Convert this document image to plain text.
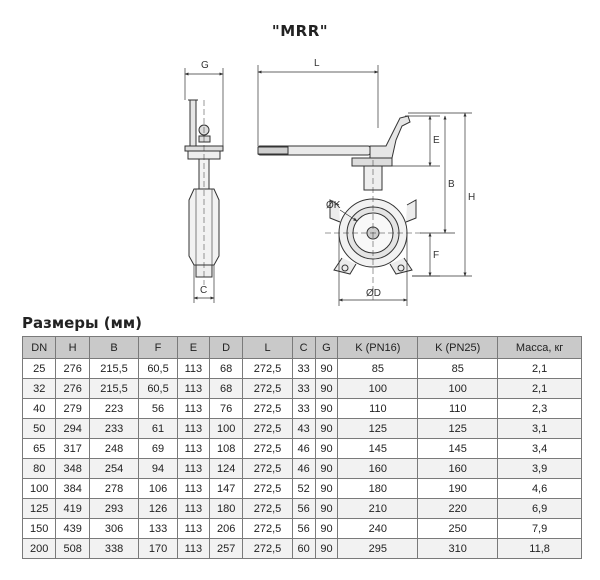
"MRR"
G
C
L
E
B
H
F
ØK
ØD
Размеры (мм)
DN	H	B	F	E	D	L	C	G	K (PN16)	K (PN25)	Масса, кг
25	276	215,5	60,5	113	68	272,5	33	90	85	85	2,1
32	276	215,5	60,5	113	68	272,5	33	90	100	100	2,1
40	279	223	56	113	76	272,5	33	90	110	110	2,3
50	294	233	61	113	100	272,5	43	90	125	125	3,1
65	317	248	69	113	108	272,5	46	90	145	145	3,4
80	348	254	94	113	124	272,5	46	90	160	160	3,9
100	384	278	106	113	147	272,5	52	90	180	190	4,6
125	419	293	126	113	180	272,5	56	90	210	220	6,9
150	439	306	133	113	206	272,5	56	90	240	250	7,9
200	508	338	170	113	257	272,5	60	90	295	310	11,8
